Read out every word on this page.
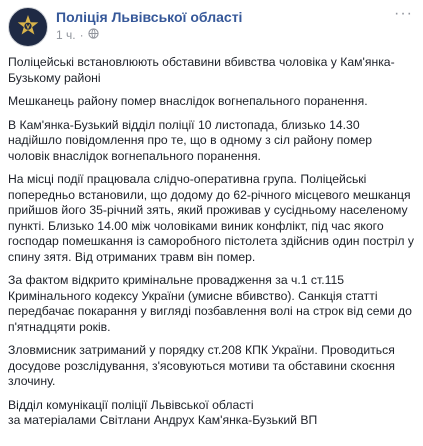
Поліція Львівської області
1 ч. ·
···

Поліцейські встановлюють обставини вбивства чоловіка у Кам'янка-Бузькому районі

Мешканець району помер внаслідок вогнепального поранення.

В Кам'янка-Бузький відділ поліції 10 листопада, близько 14.30 надійшло повідомлення про те, що в одному з сіл району помер чоловік внаслідок вогнепального поранення.

На місці події працювала слідчо-оперативна група. Поліцейські попередньо встановили, що додому до 62-річного місцевого мешканця прийшов його 35-річний зять, який проживав у сусідньому населеному пункті. Близько 14.00 між чоловіками виник конфлікт, під час якого господар помешкання із саморобного пістолета здійснив один постріл у спину зятя. Від отриманих травм він помер.

За фактом відкрито кримінальне провадження за ч.1 ст.115 Кримінального кодексу України (умисне вбивство). Санкція статті передбачає покарання у вигляді позбавлення волі на строк від семи до п'ятнадцяти років.

Зловмисник затриманий у порядку ст.208 КПК України. Проводиться досудове розслідування, з'ясовуються мотиви та обставини скоєння злочину.

Відділ комунікації поліції Львівської області

за матеріалами Світлани Андрух Кам'янка-Бузький ВП
